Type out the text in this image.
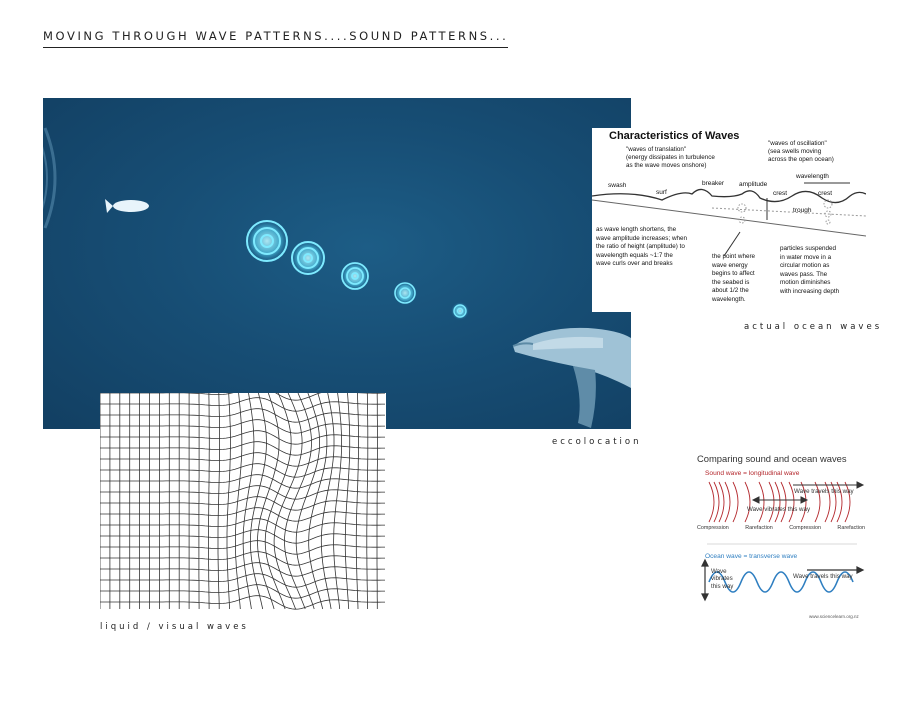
MOVING THROUGH WAVE PATTERNS....SOUND PATTERNS...
Characteristics of Waves
"waves of translation"
(energy dissipates in turbulence
as the wave moves onshore)
"waves of oscillation"
(sea swells moving
across the open ocean)
swash
surf
breaker amplitude
wavelength
crest	crest
trough
as wave length shortens, the
wave amplitude increases; when
the ratio of height (amplitude) to
wavelength equals ~1:7 the
wave curls over and breaks
the point where
wave energy
begins to affect
the seabed is
about 1/2 the
wavelength.
particles suspended
in water move in a
circular motion as
waves pass. The
motion diminishes
with increasing depth
actual ocean waves
eccolocation
liquid / visual waves
Comparing sound and ocean waves
Sound wave = longitudinal wave
Wave travels this way
Wave vibrates this way
Compression	Rarefaction	Compression	Rarefaction
Ocean wave = transverse wave
Wave
vibrates
this way
Wave travels this way
www.sciencelearn.org.nz
